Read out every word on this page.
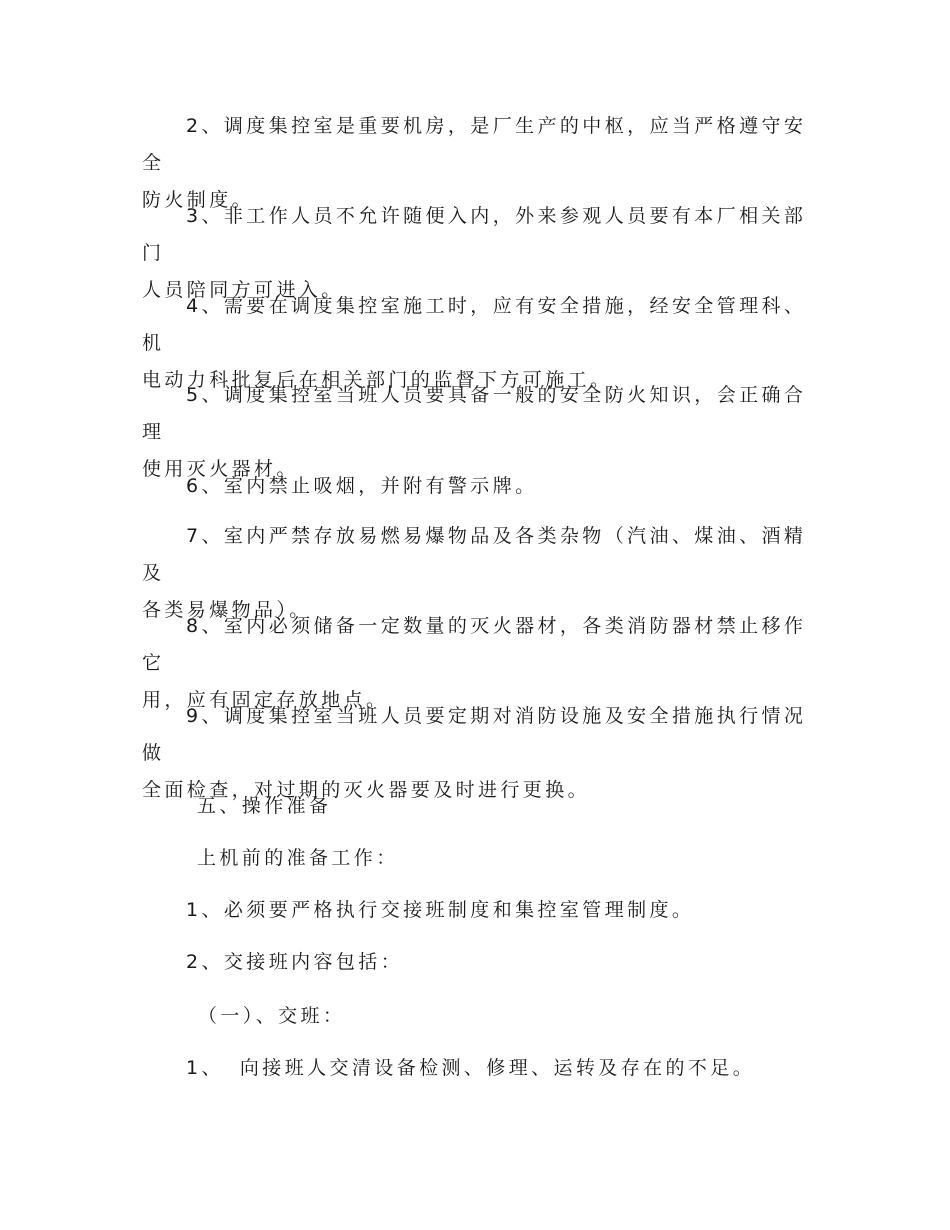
2、调度集控室是重要机房，是厂生产的中枢，应当严格遵守安全
防火制度。
3、非工作人员不允许随便入内，外来参观人员要有本厂相关部门
人员陪同方可进入。
4、需要在调度集控室施工时，应有安全措施，经安全管理科、机
电动力科批复后在相关部门的监督下方可施工。
5、调度集控室当班人员要具备一般的安全防火知识，会正确合理
使用灭火器材。
6、室内禁止吸烟，并附有警示牌。
7、室内严禁存放易燃易爆物品及各类杂物（汽油、煤油、酒精及
各类易爆物品）。
8、室内必须储备一定数量的灭火器材，各类消防器材禁止移作它
用，应有固定存放地点。
9、调度集控室当班人员要定期对消防设施及安全措施执行情况做
全面检查，对过期的灭火器要及时进行更换。
五、操作准备
上机前的准备工作：
1、必须要严格执行交接班制度和集控室管理制度。
2、交接班内容包括：
（一）、交班：
1、 向接班人交清设备检测、修理、运转及存在的不足。
